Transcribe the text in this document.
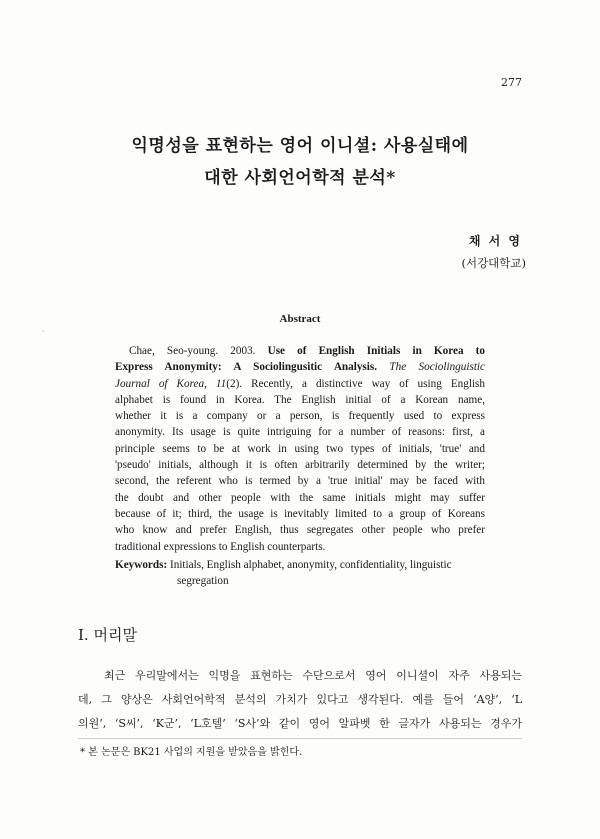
277
익명성을 표현하는 영어 이니셜: 사용실태에
대한 사회언어학적 분석*
채 서 영
(서강대학교)
·
Abstract
Chae, Seo-young. 2003. Use of English Initials in Korea to
Express Anonymity: A Sociolingusitic Analysis. The Sociolinguistic
Journal of Korea, 11(2). Recently, a distinctive way of using English
alphabet is found in Korea. The English initial of a Korean name,
whether it is a company or a person, is frequently used to express
anonymity. Its usage is quite intriguing for a number of reasons: first, a
principle seems to be at work in using two types of initials, 'true' and
'pseudo' initials, although it is often arbitrarily determined by the writer;
second, the referent who is termed by a 'true initial' may be faced with
the doubt and other people with the same initials might may suffer
because of it; third, the usage is inevitably limited to a group of Koreans
who know and prefer English, thus segregates other people who prefer
traditional expressions to English counterparts.
Keywords: Initials, English alphabet, anonymity, confidentiality, linguistic
segregation
I. 머리말
최근 우리말에서는 익명을 표현하는 수단으로서 영어 이니셜이 자주 사용되는
데, 그 양상은 사회언어학적 분석의 가치가 있다고 생각된다. 예를 들어 ‘A양’, ‘L
의원’, ‘S씨’, ‘K군’, ‘L호텔’ ‘S사’와 같이 영어 알파벳 한 글자가 사용되는 경우가
* 본 논문은 BK21 사업의 지원을 받았음을 밝힌다.
